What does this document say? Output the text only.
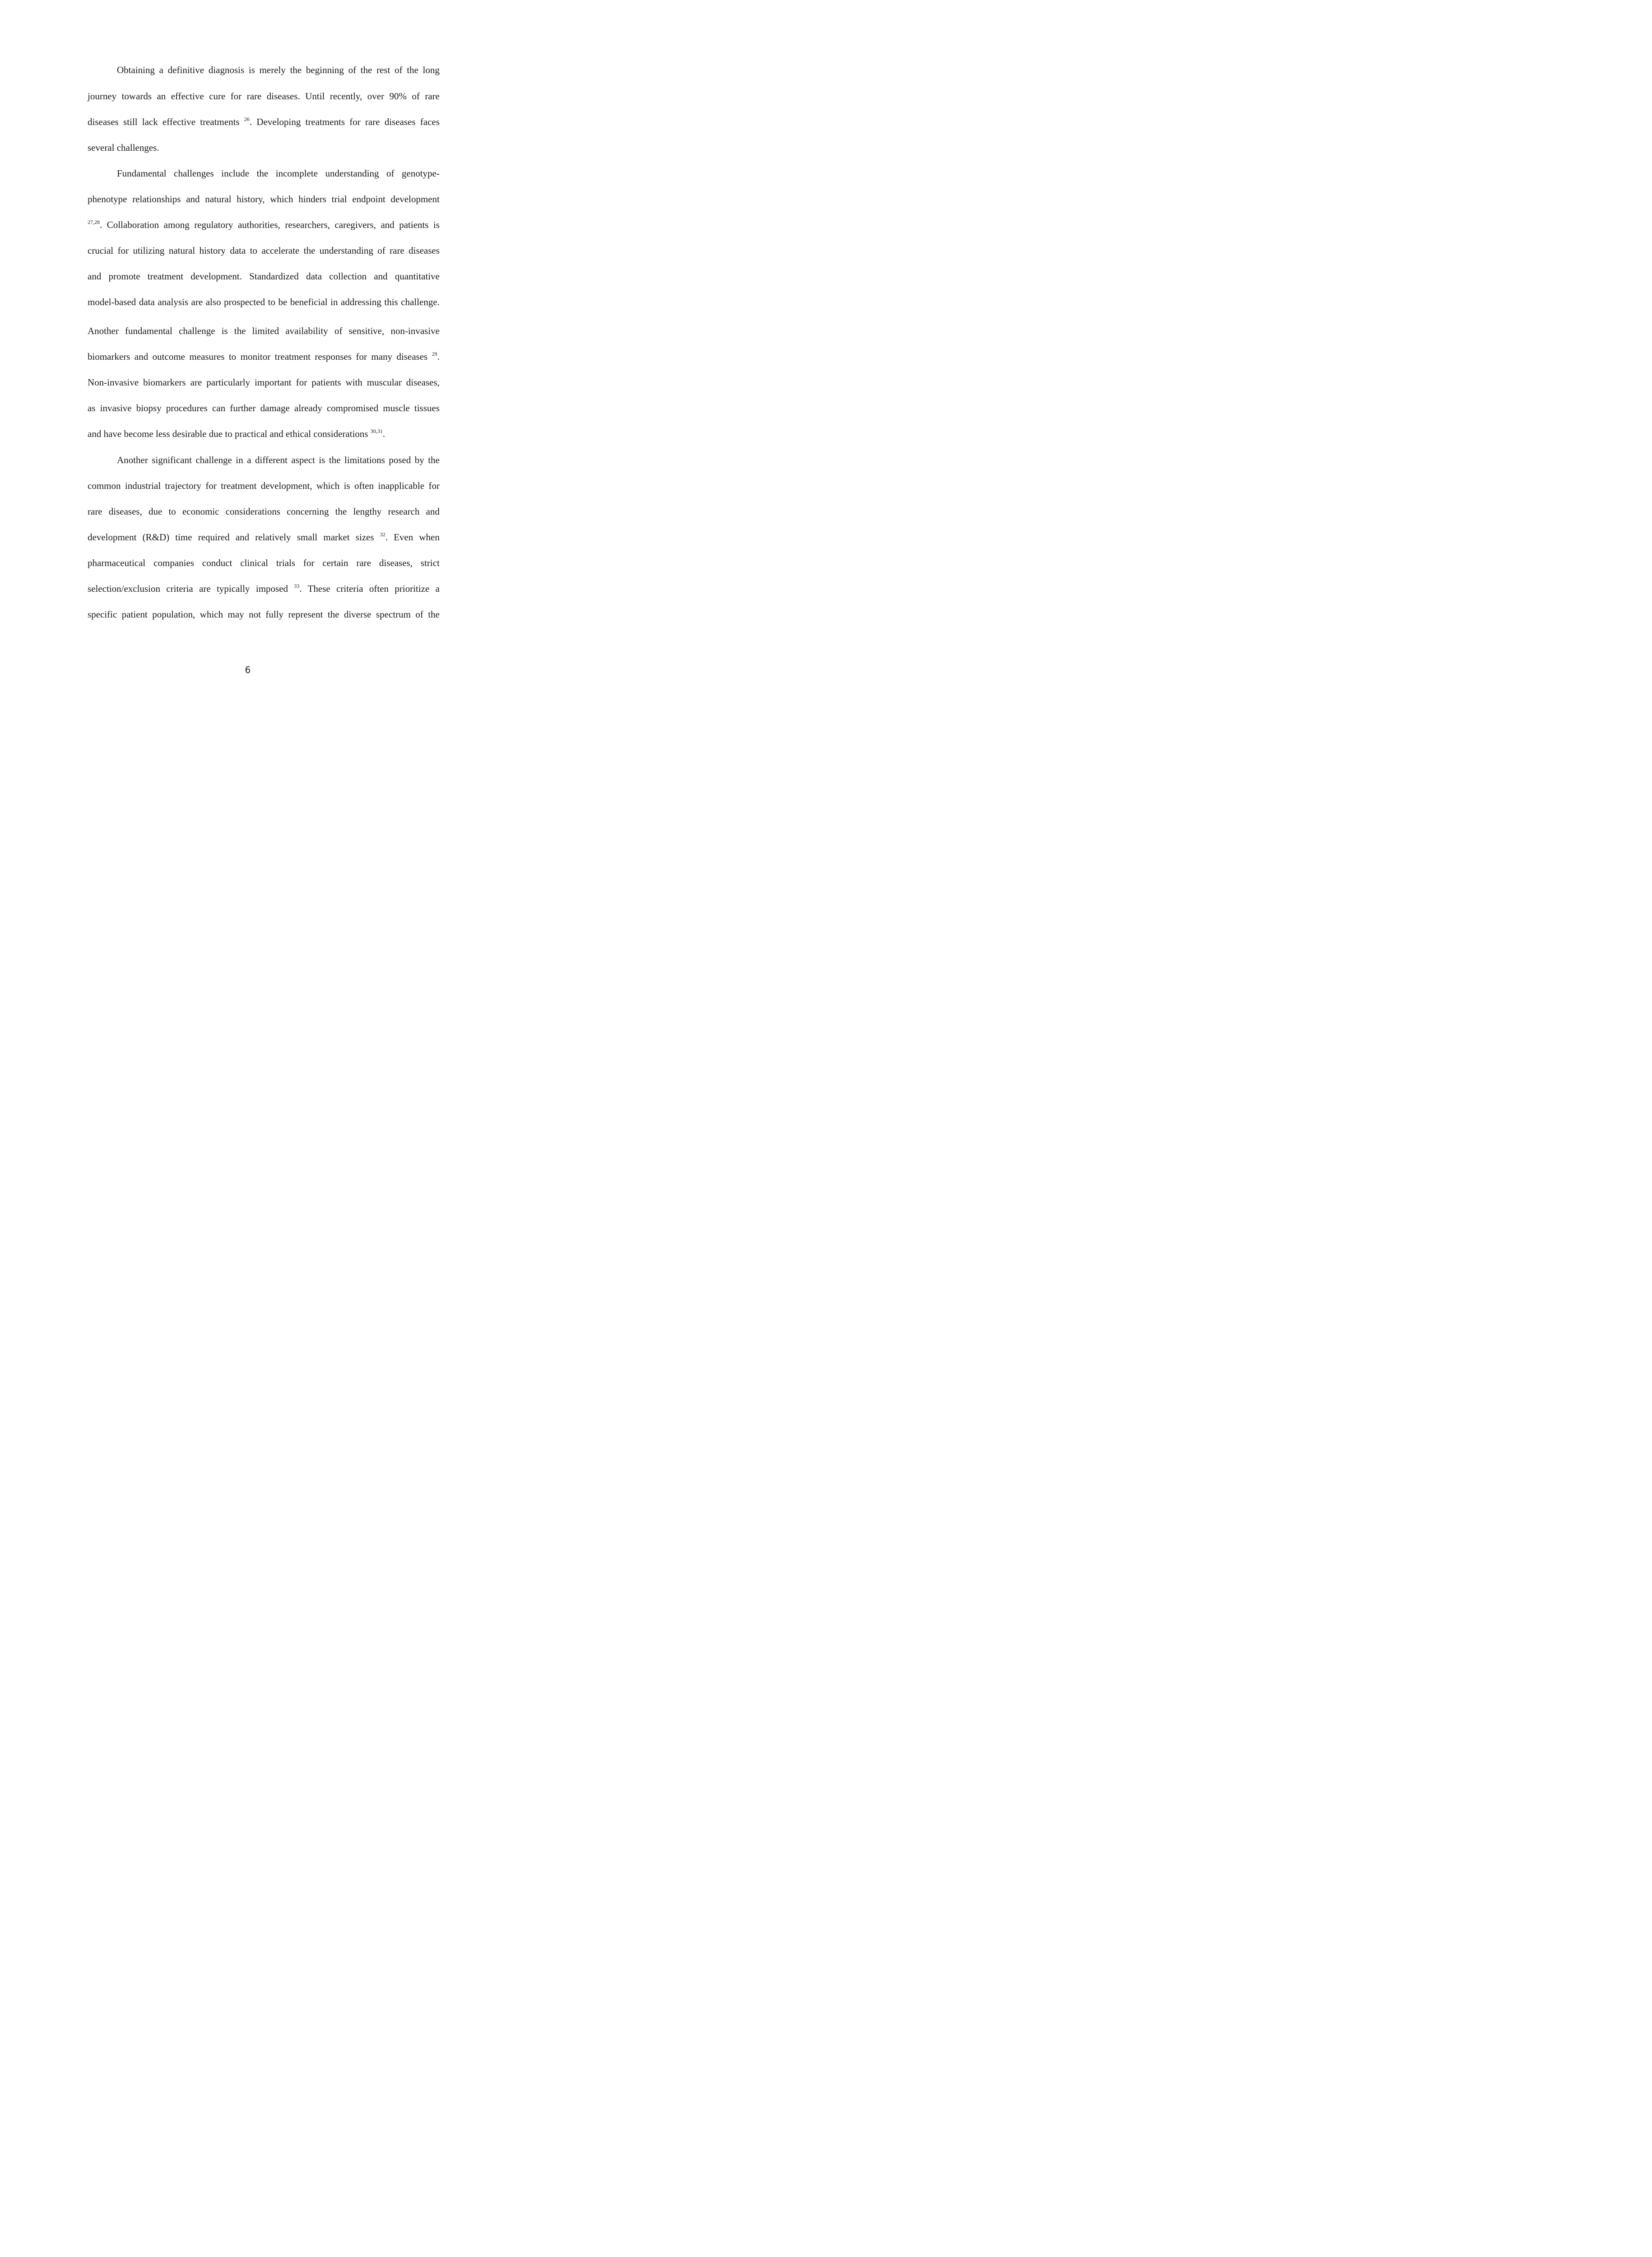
Obtaining a definitive diagnosis is merely the beginning of the rest of the long
journey towards an effective cure for rare diseases. Until recently, over 90% of rare
diseases still lack effective treatments $^{26}$. Developing treatments for rare diseases faces
several challenges.
Fundamental challenges include the incomplete understanding of genotype-
phenotype relationships and natural history, which hinders trial endpoint development
$^{27,28}$. Collaboration among regulatory authorities, researchers, caregivers, and patients is
crucial for utilizing natural history data to accelerate the understanding of rare diseases
and promote treatment development. Standardized data collection and quantitative
model-based data analysis are also prospected to be beneficial in addressing this challenge.
Another fundamental challenge is the limited availability of sensitive, non-invasive
biomarkers and outcome measures to monitor treatment responses for many diseases $^{29}$.
Non-invasive biomarkers are particularly important for patients with muscular diseases,
as invasive biopsy procedures can further damage already compromised muscle tissues
and have become less desirable due to practical and ethical considerations $^{30,31}$.
Another significant challenge in a different aspect is the limitations posed by the
common industrial trajectory for treatment development, which is often inapplicable for
rare diseases, due to economic considerations concerning the lengthy research and
development (R&D) time required and relatively small market sizes $^{32}$. Even when
pharmaceutical companies conduct clinical trials for certain rare diseases, strict
selection/exclusion criteria are typically imposed $^{33}$. These criteria often prioritize a
specific patient population, which may not fully represent the diverse spectrum of the
6
